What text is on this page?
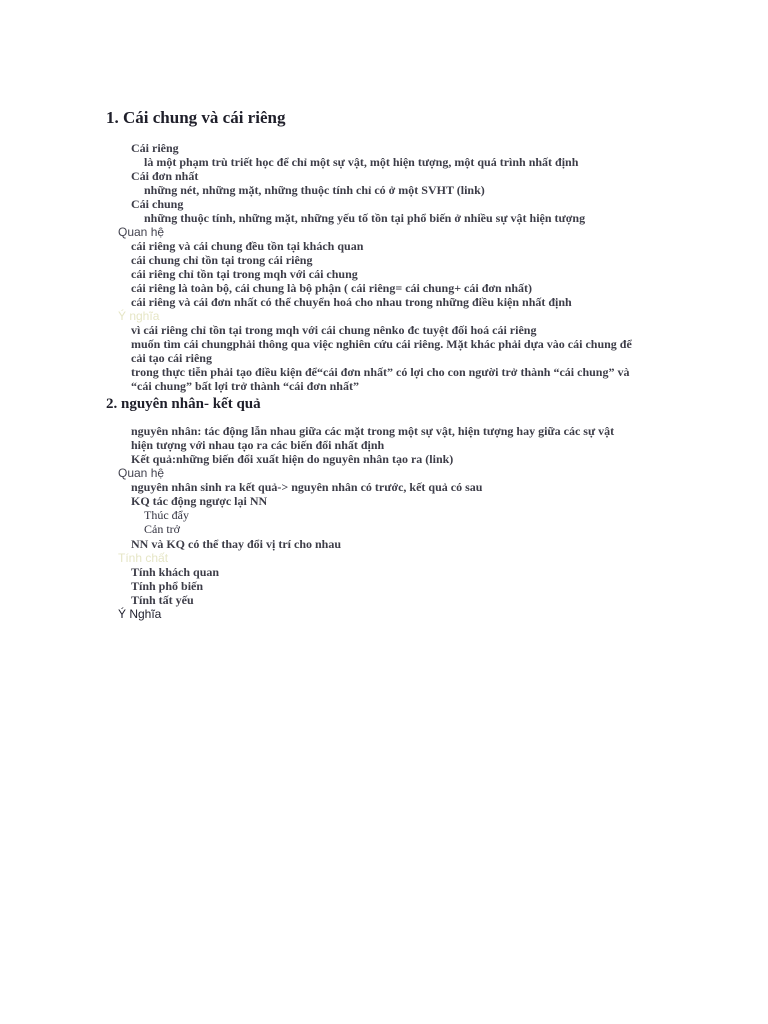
1. Cái chung và cái riêng
Cái riêng
là một phạm trù triết học để chỉ một sự vật, một hiện tượng, một quá trình nhất định
Cái đơn nhất
những nét, những mặt, những thuộc tính chỉ có ở một SVHT (link)
Cái chung
những thuộc tính, những mặt, những yếu tố tồn tại phổ biến ở nhiều sự vật hiện tượng
Quan hệ
cái riêng và cái chung đều tồn tại khách quan
cái chung chỉ tồn tại trong cái riêng
cái riêng chỉ tồn tại trong mqh với cái chung
cái riêng là toàn bộ, cái chung là bộ phận ( cái riêng= cái chung+ cái đơn nhất)
cái riêng và cái đơn nhất có thể chuyển hoá cho nhau trong những điều kiện nhất định
Ý nghĩa
vì cái riêng chỉ tồn tại trong mqh với cái chung nênko đc tuyệt đối hoá cái riêng
muốn tìm cái chungphải thông qua việc nghiên cứu cái riêng. Mặt khác phải dựa vào cái chung để
cải tạo cái riêng
trong thực tiễn phải tạo điều kiện để“cái đơn nhất” có lợi cho con người trở thành “cái chung” và
“cái chung” bất lợi trở thành “cái đơn nhất”
2. nguyên nhân- kết quả
nguyên nhân: tác động lẫn nhau giữa các mặt trong một sự vật, hiện tượng hay giữa các sự vật
hiện tượng với nhau tạo ra các biến đổi nhất định
Kết quả:những biến đổi xuất hiện do nguyên nhân tạo ra (link)
Quan hệ
nguyên nhân sinh ra kết quả-> nguyên nhân có trước, kết quả có sau
KQ tác động ngược lại NN
Thúc đẩy
Cản trở
NN và KQ có thể thay đổi vị trí cho nhau
Tính chất
Tính khách quan
Tính phổ biến
Tính tất yếu
Ý Nghĩa
